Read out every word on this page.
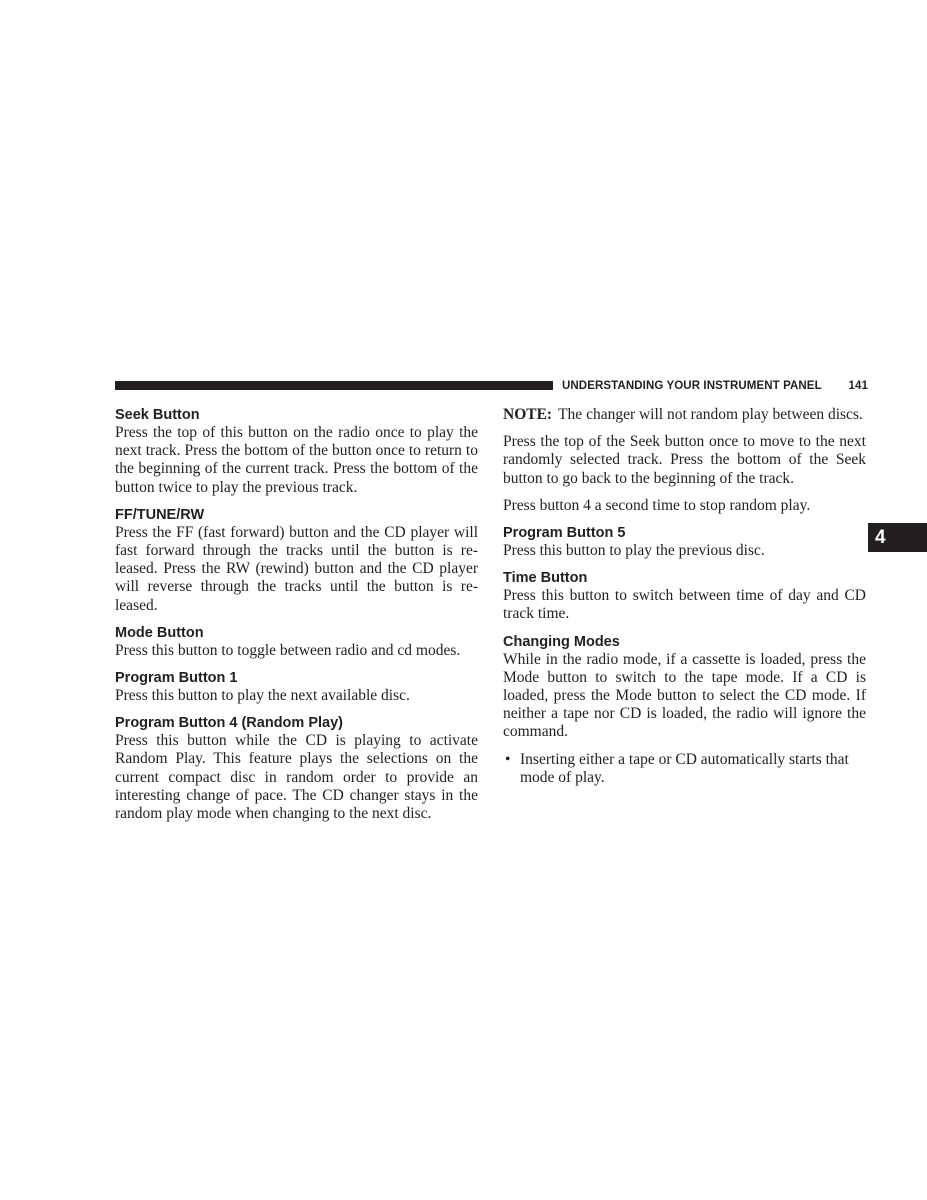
UNDERSTANDING YOUR INSTRUMENT PANEL 141
4
Seek Button

Press the top of this button on the radio once to play the next track. Press the bottom of the button once to return to the beginning of the current track. Press the bottom of the button twice to play the previous track.

FF/TUNE/RW

Press the FF (fast forward) button and the CD player will fast forward through the tracks until the button is re-leased. Press the RW (rewind) button and the CD player will reverse through the tracks until the button is re-leased.

Mode Button

Press this button to toggle between radio and cd modes.

Program Button 1

Press this button to play the next available disc.

Program Button 4 (Random Play)

Press this button while the CD is playing to activate Random Play. This feature plays the selections on the current compact disc in random order to provide an interesting change of pace. The CD changer stays in the random play mode when changing to the next disc.

NOTE: The changer will not random play between discs.

Press the top of the Seek button once to move to the next randomly selected track. Press the bottom of the Seek button to go back to the beginning of the track.

Press button 4 a second time to stop random play.

Program Button 5

Press this button to play the previous disc.

Time Button

Press this button to switch between time of day and CD track time.

Changing Modes

While in the radio mode, if a cassette is loaded, press the Mode button to switch to the tape mode. If a CD is loaded, press the Mode button to select the CD mode. If neither a tape nor CD is loaded, the radio will ignore the command.

• Inserting either a tape or CD automatically starts that mode of play.
